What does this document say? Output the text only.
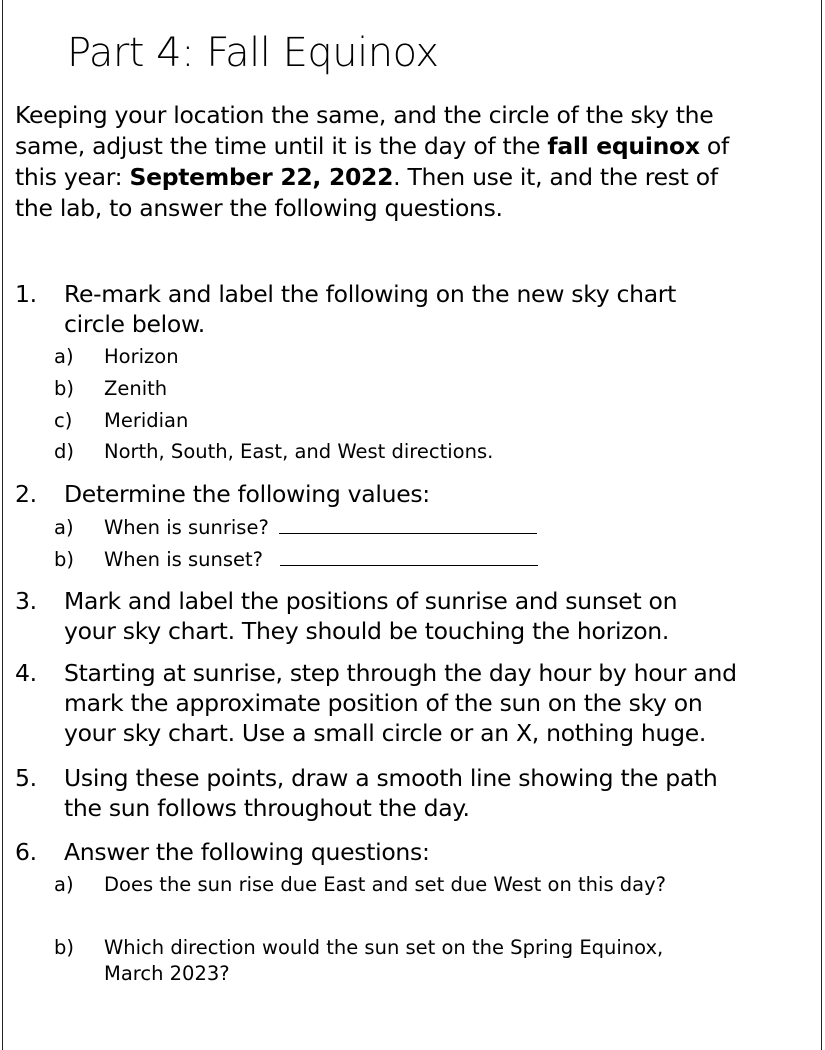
Part 4: Fall Equinox

Keeping your location the same, and the circle of the sky the

same, adjust the time until it is the day of the fall equinox of

this year: September 22, 2022. Then use it, and the rest of

the lab, to answer the following questions.

1.	Re-mark and label the following on the new sky chart
circle below.
a) Horizon
b) Zenith
c) Meridian
d) North, South, East, and West directions.
2.	Determine the following values:
a) When is sunrise?
b) When is sunset?
3.	Mark and label the positions of sunrise and sunset on
your sky chart. They should be touching the horizon.
4.	Starting at sunrise, step through the day hour by hour and
mark the approximate position of the sun on the sky on
your sky chart. Use a small circle or an X, nothing huge.
5.	Using these points, draw a smooth line showing the path
the sun follows throughout the day.
6.	Answer the following questions:
a) Does the sun rise due East and set due West on this day?
b) Which direction would the sun set on the Spring Equinox,
March 2023?
